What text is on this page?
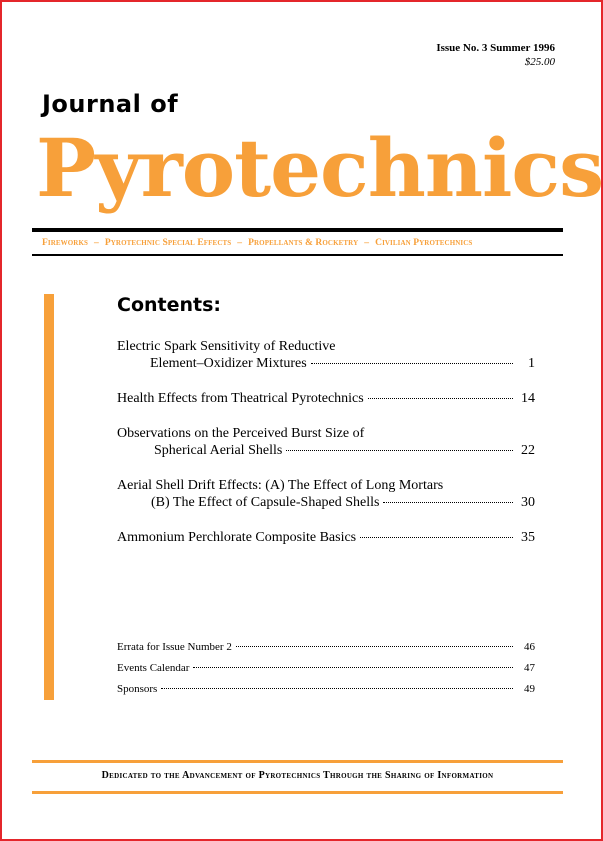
Issue No. 3 Summer 1996
$25.00
Journal of
Pyrotechnics
Fireworks – Pyrotechnic Special Effects – Propellants & Rocketry – Civilian Pyrotechnics
Contents:
Electric Spark Sensitivity of Reductive
Element–Oxidizer Mixtures	1
Health Effects from Theatrical Pyrotechnics	14
Observations on the Perceived Burst Size of
Spherical Aerial Shells	22
Aerial Shell Drift Effects: (A) The Effect of Long Mortars
(B) The Effect of Capsule-Shaped Shells	30
Ammonium Perchlorate Composite Basics	35
Errata for Issue Number 2	46
Events Calendar	47
Sponsors	49
Dedicated to the Advancement of Pyrotechnics Through the Sharing of Information
